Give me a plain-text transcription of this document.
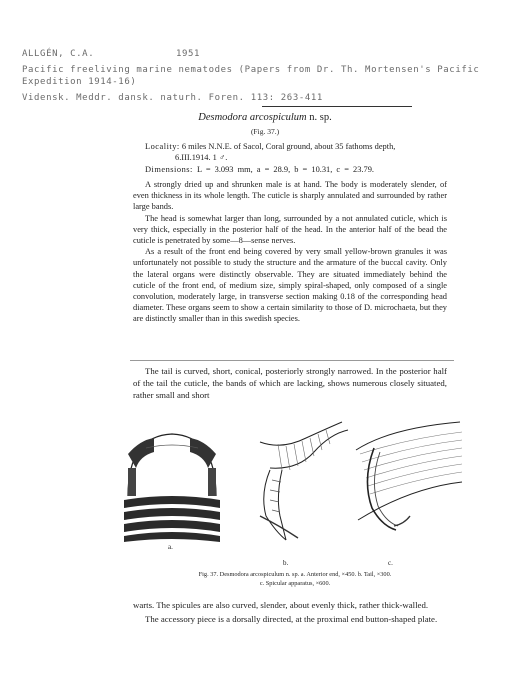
ALLGÉN, C.A.	1951
Pacific freeliving marine nematodes (Papers from Dr. Th. Mortensen's Pacific
Expedition 1914-16)
Vidensk. Meddr. dansk. naturh. Foren. 113: 263-411
Desmodora arcospiculum n. sp.
(Fig. 37.)
Locality: 6 miles N.N.E. of Sacol, Coral ground, about 35 fathoms depth,
6.III.1914. 1 ♂.
Dimensions: L = 3.093 mm, a = 28.9, b = 10.31, c = 23.79.

A strongly dried up and shrunken male is at hand. The body is moderately slender, of even thickness in its whole length. The cuticle is sharply annulated and surrounded by rather large bands.

The head is somewhat larger than long, surrounded by a not annulated cuticle, which is very thick, especially in the posterior half of the head. In the anterior half of the bead the cuticle is penetrated by some—8—sense nerves.

As a result of the front end being covered by very small yellow-brown granules it was unfortunately not possible to study the structure and the armature of the buccal cavity. Only the lateral organs were distinctly observable. They are situated immediately behind the cuticle of the front end, of medium size, simply spiral-shaped, only composed of a single convolution, moderately large, in transverse section making 0.18 of the corresponding head diameter. These organs seem to show a certain similarity to those of D. microchaeta, but they are distinctly smaller than in this swedish species.

The tail is curved, short, conical, posteriorly strongly narrowed. In the posterior half of the tail the cuticle, the bands of which are lacking, shows numerous closely situated, rather small and short

a.
b.	c.
Fig. 37. Desmodora arcospiculum n. sp. a. Anterior end, ×450. b. Tail, ×300.
c. Spicular apparatus, ×600.

warts. The spicules are also curved, slender, about evenly thick, rather thick-walled.

The accessory piece is a dorsally directed, at the proximal end button-shaped plate.
